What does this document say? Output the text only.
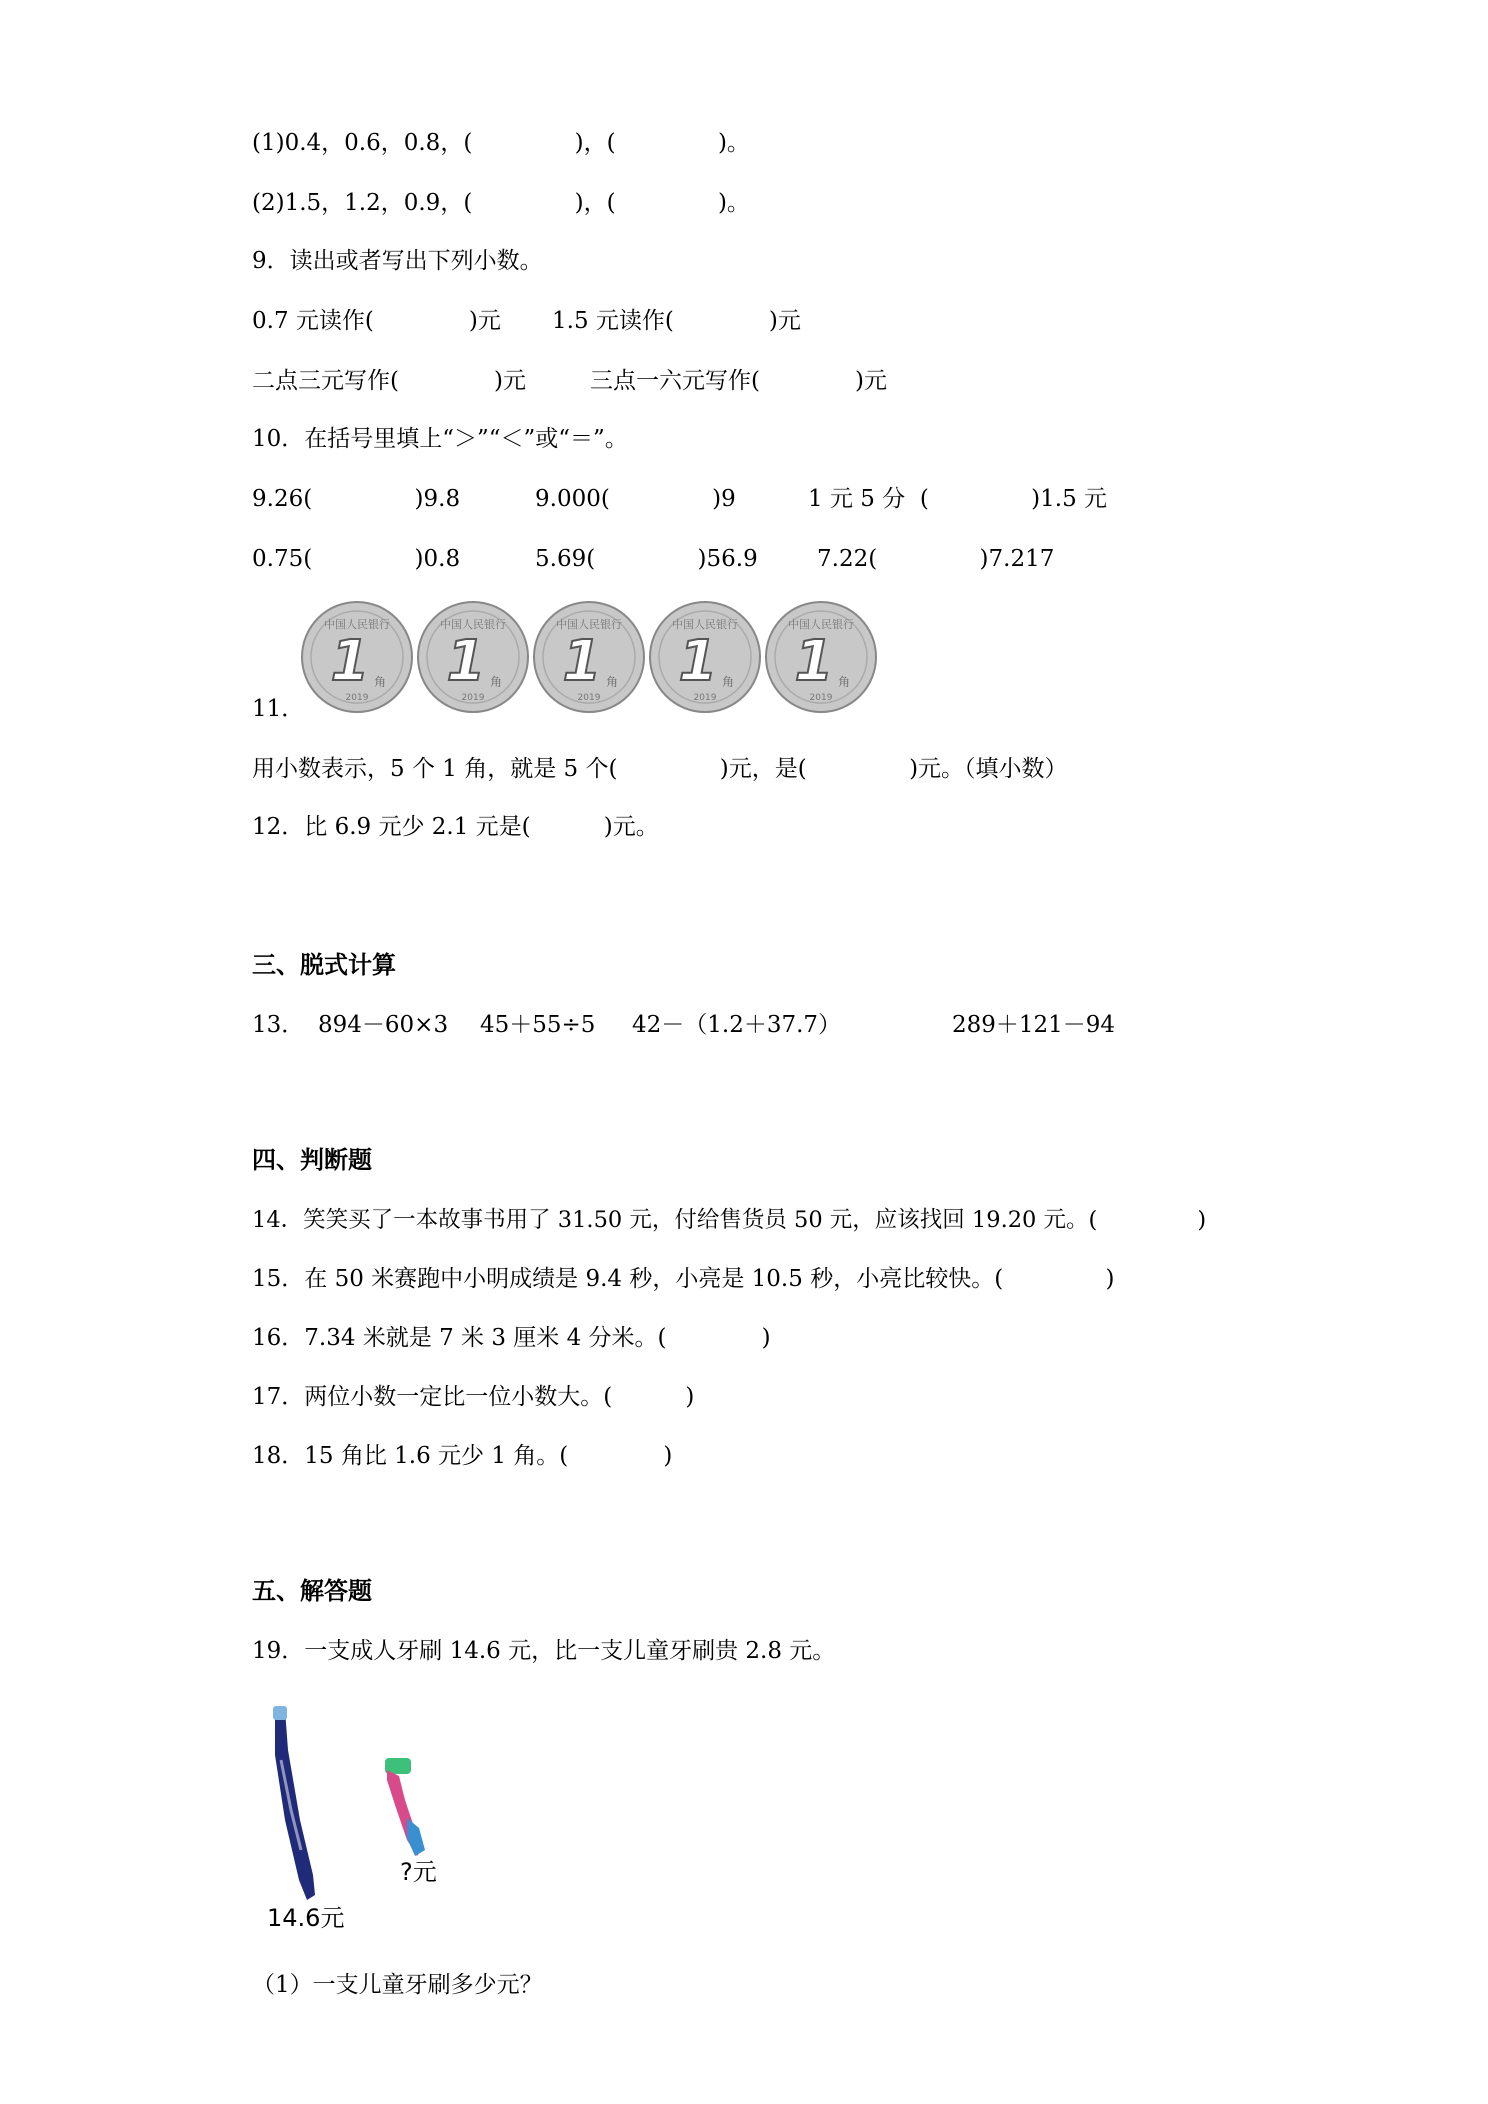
(1)0.4，0.6，0.8，(              )，(              )。
(2)1.5，1.2，0.9，(              )，(              )。
9．读出或者写出下列小数。

0.7 元读作(             )元

1.5 元读作(             )元

二点三元写作(             )元

	三点一六元写作(             )元

10．在括号里填上“＞”“＜”或“＝”。

9.26(              )9.8

	9.000(              )9

	1 元 5 分  (              )1.5 元

0.75(              )0.8

	5.69(              )56.9

	7.22(              )7.217

中国人民银行
1 角
2019
中国人民银行
1 角
2019
中国人民银行
1 角
2019
中国人民银行
1 角
2019
中国人民银行
1 角
2019
11．
用小数表示，5 个 1 角，就是 5 个(              )元，是(              )元。（填小数）
12．比 6.9 元少 2.1 元是(          )元。
三、脱式计算

13．

894－60×3

45＋55÷5

42－（1.2＋37.7）

	289＋121－94

四、判断题
14．笑笑买了一本故事书用了 31.50 元，付给售货员 50 元，应该找回 19.20 元。(              )
15．在 50 米赛跑中小明成绩是 9.4 秒，小亮是 10.5 秒，小亮比较快。(              )
16．7.34 米就是 7 米 3 厘米 4 分米。(             )
17．两位小数一定比一位小数大。(          )
18．15 角比 1.6 元少 1 角。(             )
五、解答题
19．一支成人牙刷 14.6 元，比一支儿童牙刷贵 2.8 元。
14.6元
?元
（1）一支儿童牙刷多少元？
